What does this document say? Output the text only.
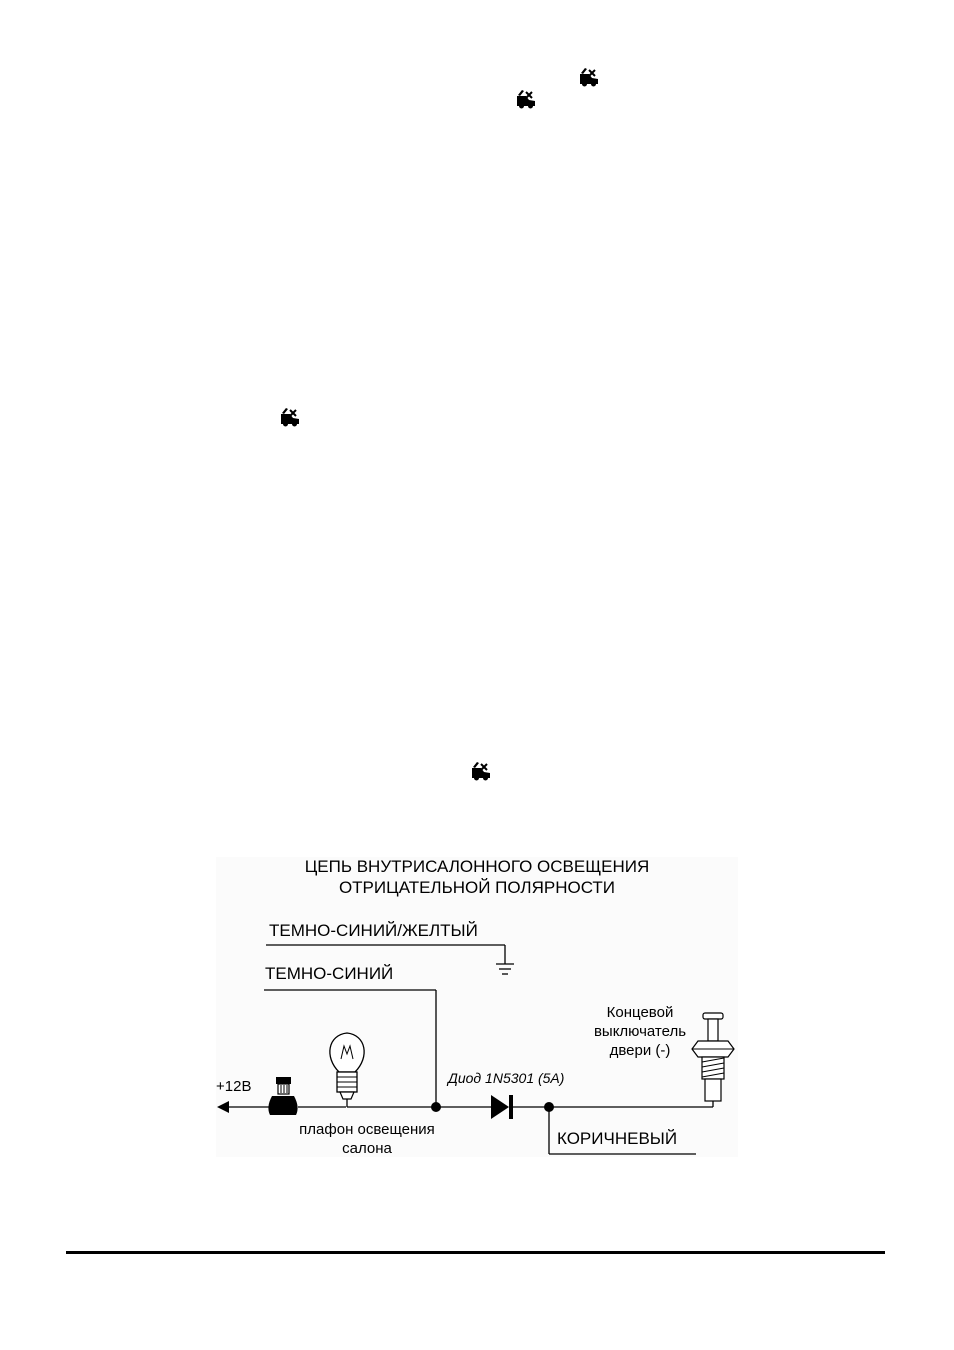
ЦЕПЬ ВНУТРИСАЛОННОГО ОСВЕЩЕНИЯ
ОТРИЦАТЕЛЬНОЙ ПОЛЯРНОСТИ
ТЕМНО-СИНИЙ/ЖЕЛТЫЙ
ТЕМНО-СИНИЙ
Концевой
выключатель
двери (-)
+12В	Диод 1N5301 (5A)
плафон освещения
салона
КОРИЧНЕВЫЙ
